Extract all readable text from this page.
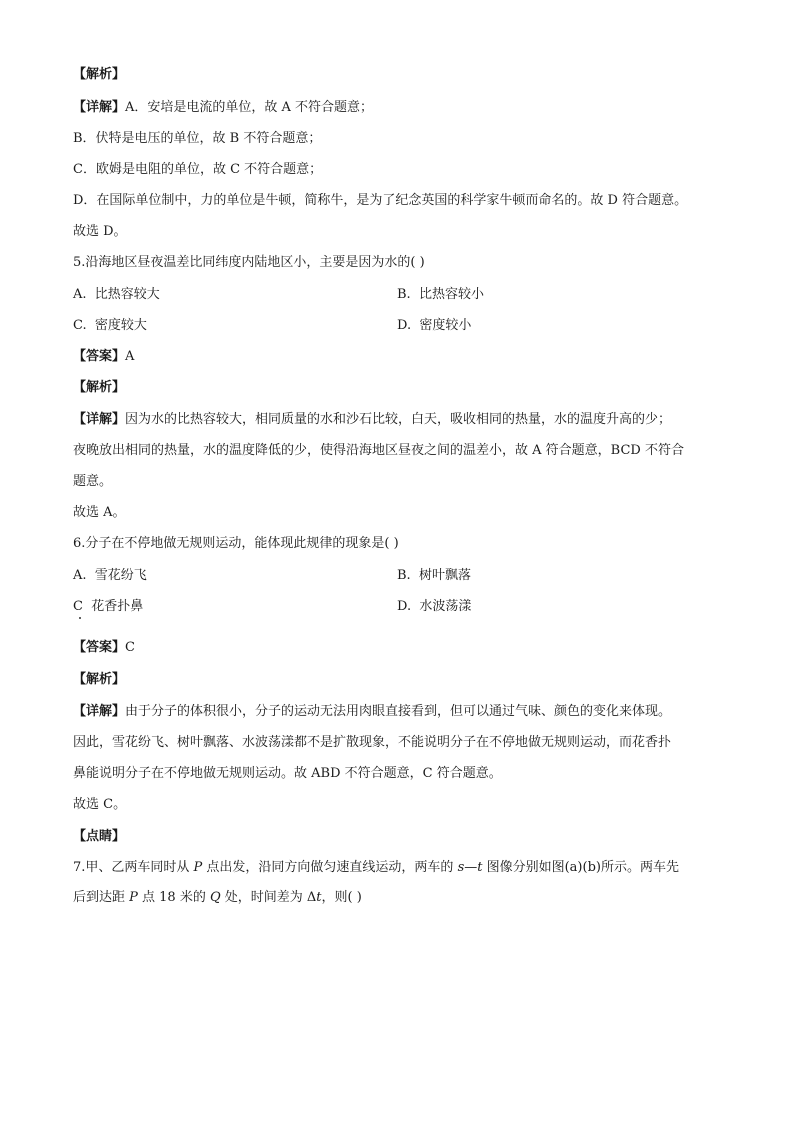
【解析】
【详解】A．安培是电流的单位，故 A 不符合题意；
B．伏特是电压的单位，故 B 不符合题意；
C．欧姆是电阻的单位，故 C 不符合题意；
D．在国际单位制中，力的单位是牛顿，简称牛，是为了纪念英国的科学家牛顿而命名的。故 D 符合题意。
故选 D。
5.沿海地区昼夜温差比同纬度内陆地区小，主要是因为水的( )
A. 比热容较大	B. 比热容较小
C. 密度较大	D. 密度较小
【答案】A
【解析】
【详解】因为水的比热容较大，相同质量的水和沙石比较，白天，吸收相同的热量，水的温度升高的少；
夜晚放出相同的热量，水的温度降低的少，使得沿海地区昼夜之间的温差小，故 A 符合题意，BCD 不符合
题意。
故选 A。
6.分子在不停地做无规则运动，能体现此规律的现象是( )
A. 雪花纷飞	B. 树叶飘落
C 花香扑鼻	D. 水波荡漾
【答案】C
【解析】
【详解】由于分子的体积很小，分子的运动无法用肉眼直接看到，但可以通过气味、颜色的变化来体现。
因此，雪花纷飞、树叶飘落、水波荡漾都不是扩散现象，不能说明分子在不停地做无规则运动，而花香扑
鼻能说明分子在不停地做无规则运动。故 ABD 不符合题意，C 符合题意。
故选 C。
【点睛】
7.甲、乙两车同时从 P 点出发，沿同方向做匀速直线运动，两车的 s—t 图像分别如图(a)(b)所示。两车先
后到达距 P 点 18 米的 Q 处，时间差为 Δt，则( )
